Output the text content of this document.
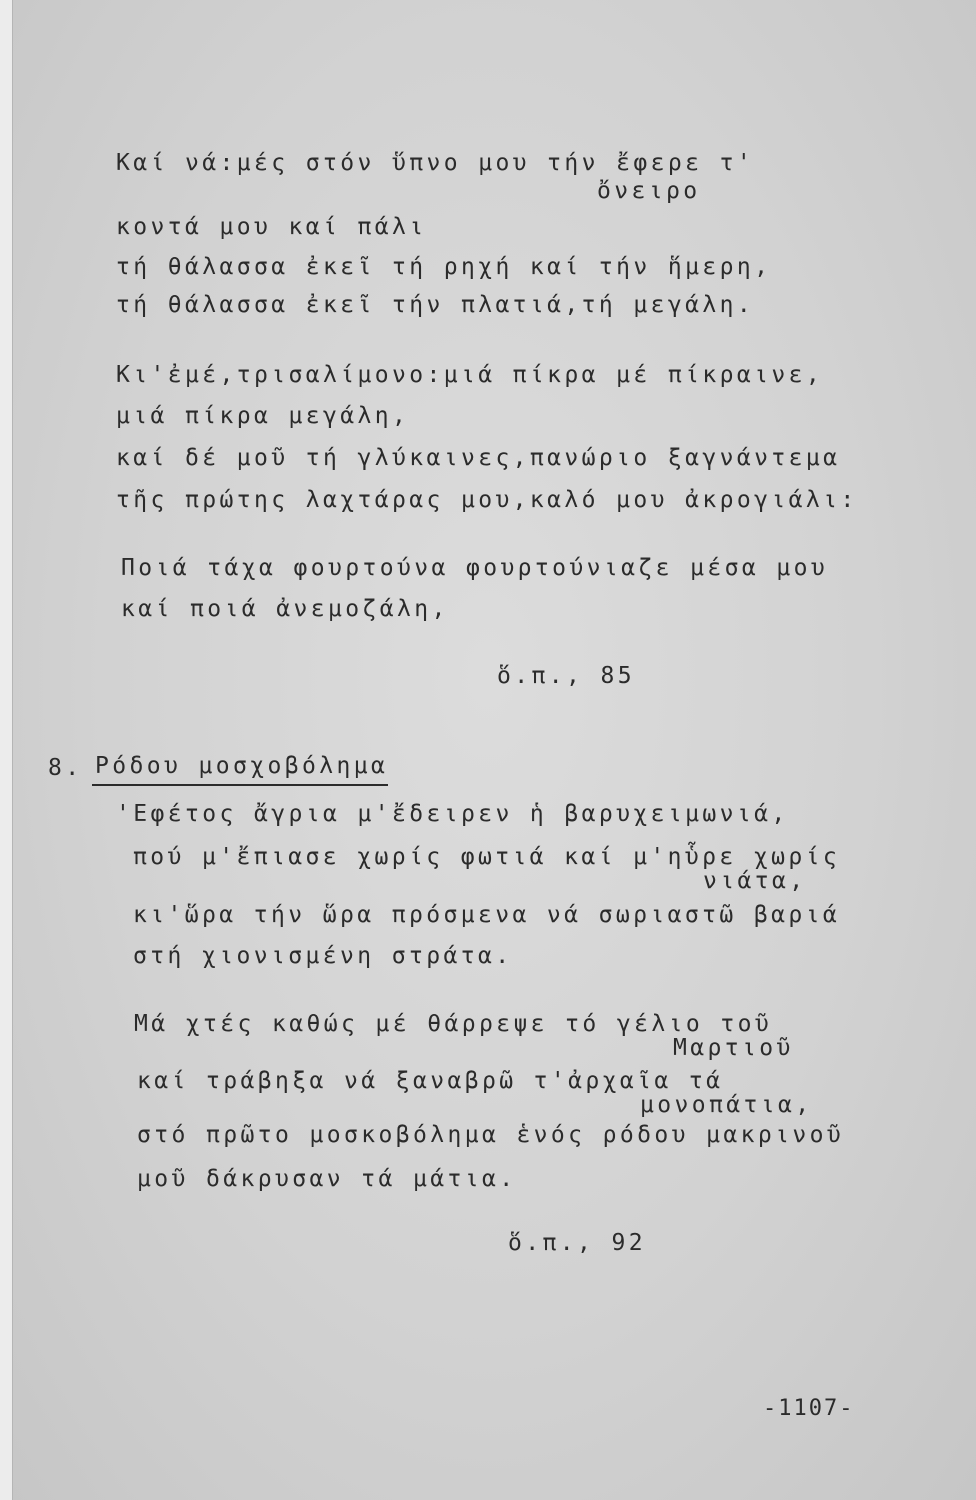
Καί νά:μές στόν ὕπνο μου τήν ἔφερε τ'
ὄνειρο
κοντά μου καί πάλι
τή θάλασσα ἐκεῖ τή ρηχή καί τήν ἥμερη,
τή θάλασσα ἐκεῖ τήν πλατιά,τή μεγάλη.
Κι'ἐμέ,τρισαλίμονο:μιά πίκρα μέ πίκραινε,
μιά πίκρα μεγάλη,
καί δέ μοῦ τή γλύκαινες,πανώριο ξαγνάντεμα
τῆς πρώτης λαχτάρας μου,καλό μου ἀκρογιάλι:
Ποιά τάχα φουρτούνα φουρτούνιαζε μέσα μου
καί ποιά ἀνεμοζάλη,
ὅ.π., 85
8. Ρόδου μοσχοβόλημα
'Εφέτος ἄγρια μ'ἔδειρεν ἡ βαρυχειμωνιά,
πού μ'ἔπιασε χωρίς φωτιά καί μ'ηὗρε χωρίς
νιάτα,
κι'ὥρα τήν ὥρα πρόσμενα νά σωριαστῶ βαριά
στή χιονισμένη στράτα.
Μά χτές καθώς μέ θάρρεψε τό γέλιο τοῦ
Μαρτιοῦ
καί τράβηξα νά ξαναβρῶ τ'ἀρχαῖα τά
μονοπάτια,
στό πρῶτο μοσκοβόλημα ἑνός ρόδου μακρινοῦ
μοῦ δάκρυσαν τά μάτια.
ὅ.π., 92
-1107-
